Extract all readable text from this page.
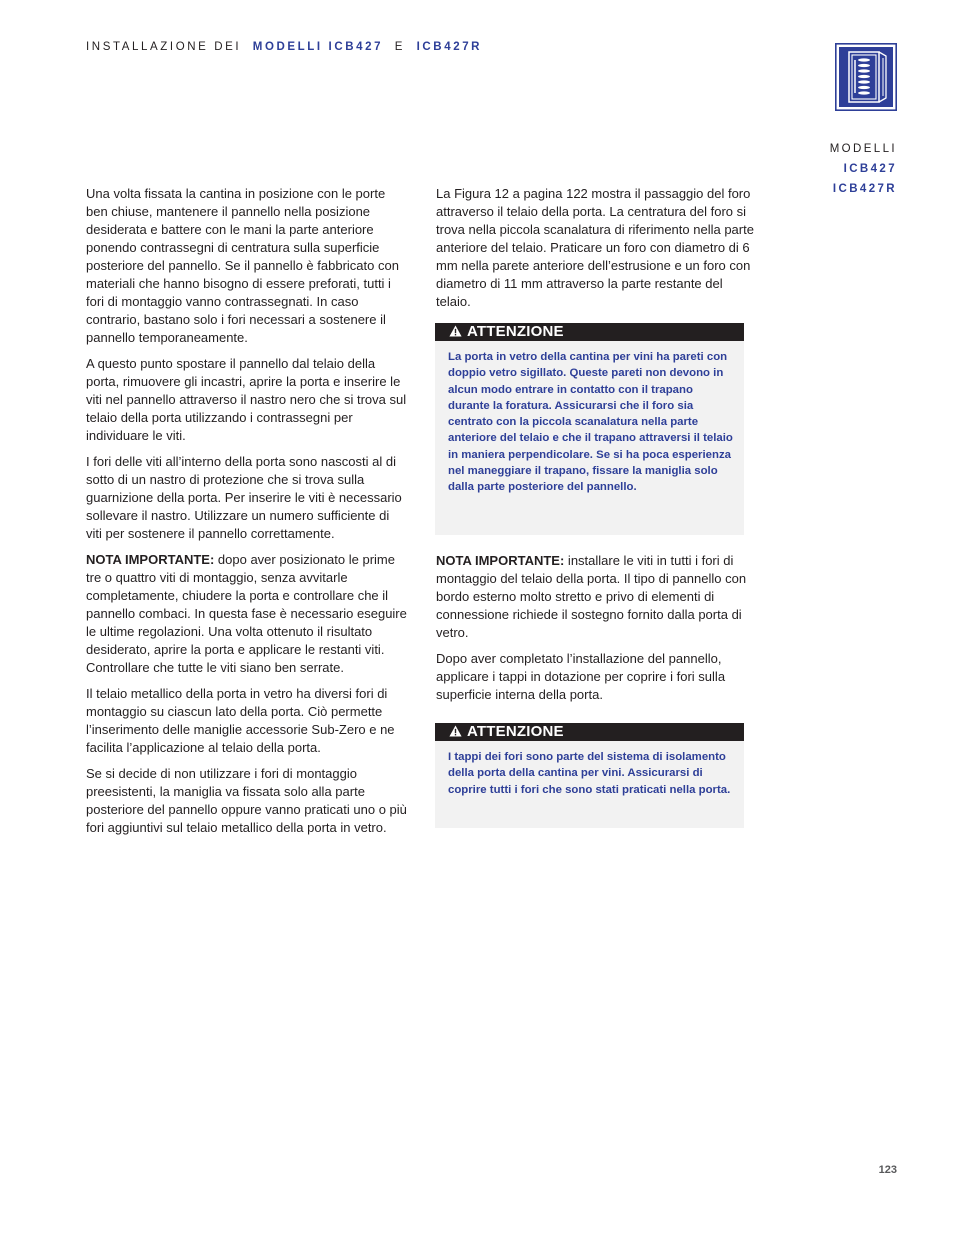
INSTALLAZIONE DEI MODELLI ICB427 E ICB427R
MODELLI
ICB427
ICB427R

Una volta fissata la cantina in posizione con le porte ben chiuse, mantenere il pannello nella posizione desiderata e battere con le mani la parte anteriore ponendo contrassegni di centratura sulla superficie posteriore del pannello. Se il pannello è fabbricato con materiali che hanno bisogno di essere preforati, tutti i fori di montaggio vanno contrassegnati. In caso contrario, bastano solo i fori necessari a sostenere il pannello temporaneamente.

A questo punto spostare il pannello dal telaio della porta, rimuovere gli incastri, aprire la porta e inserire le viti nel pannello attraverso il nastro nero che si trova sul telaio della porta utilizzando i contrassegni per individuare le viti.

I fori delle viti all’interno della porta sono nascosti al di sotto di un nastro di protezione che si trova sulla guarnizione della porta. Per inserire le viti è necessario sollevare il nastro. Utilizzare un numero sufficiente di viti per sostenere il pannello correttamente.

NOTA IMPORTANTE: dopo aver posizionato le prime tre o quattro viti di montaggio, senza avvitarle completamente, chiudere la porta e controllare che il pannello combaci. In questa fase è necessario eseguire le ultime regolazioni. Una volta ottenuto il risultato desiderato, aprire la porta e applicare le restanti viti. Controllare che tutte le viti siano ben serrate.

Il telaio metallico della porta in vetro ha diversi fori di montaggio su ciascun lato della porta. Ciò permette l’inserimento delle maniglie accessorie Sub-Zero e ne facilita l’applicazione al telaio della porta.

Se si decide di non utilizzare i fori di montaggio preesistenti, la maniglia va fissata solo alla parte posteriore del pannello oppure vanno praticati uno o più fori aggiuntivi sul telaio metallico della porta in vetro.

La Figura 12 a pagina 122 mostra il passaggio del foro attraverso il telaio della porta. La centratura del foro si trova nella piccola scanalatura di riferimento nella parte anteriore del telaio. Praticare un foro con diametro di 6 mm nella parete anteriore dell’estrusione e un foro con diametro di 11 mm attraverso la parte restante del telaio.

ATTENZIONE
La porta in vetro della cantina per vini ha pareti con doppio vetro sigillato. Queste pareti non devono in alcun modo entrare in contatto con il trapano durante la foratura. Assicurarsi che il foro sia centrato con la piccola scanalatura nella parte anteriore del telaio e che il trapano attraversi il telaio in maniera perpendicolare. Se si ha poca esperienza nel maneggiare il trapano, fissare la maniglia solo dalla parte posteriore del pannello.

NOTA IMPORTANTE: installare le viti in tutti i fori di montaggio del telaio della porta. Il tipo di pannello con bordo esterno molto stretto e privo di elementi di connessione richiede il sostegno fornito dalla porta di vetro.

Dopo aver completato l’installazione del pannello, applicare i tappi in dotazione per coprire i fori sulla superficie interna della porta.

ATTENZIONE
I tappi dei fori sono parte del sistema di isolamento della porta della cantina per vini. Assicurarsi di coprire tutti i fori che sono stati praticati nella porta.
123
